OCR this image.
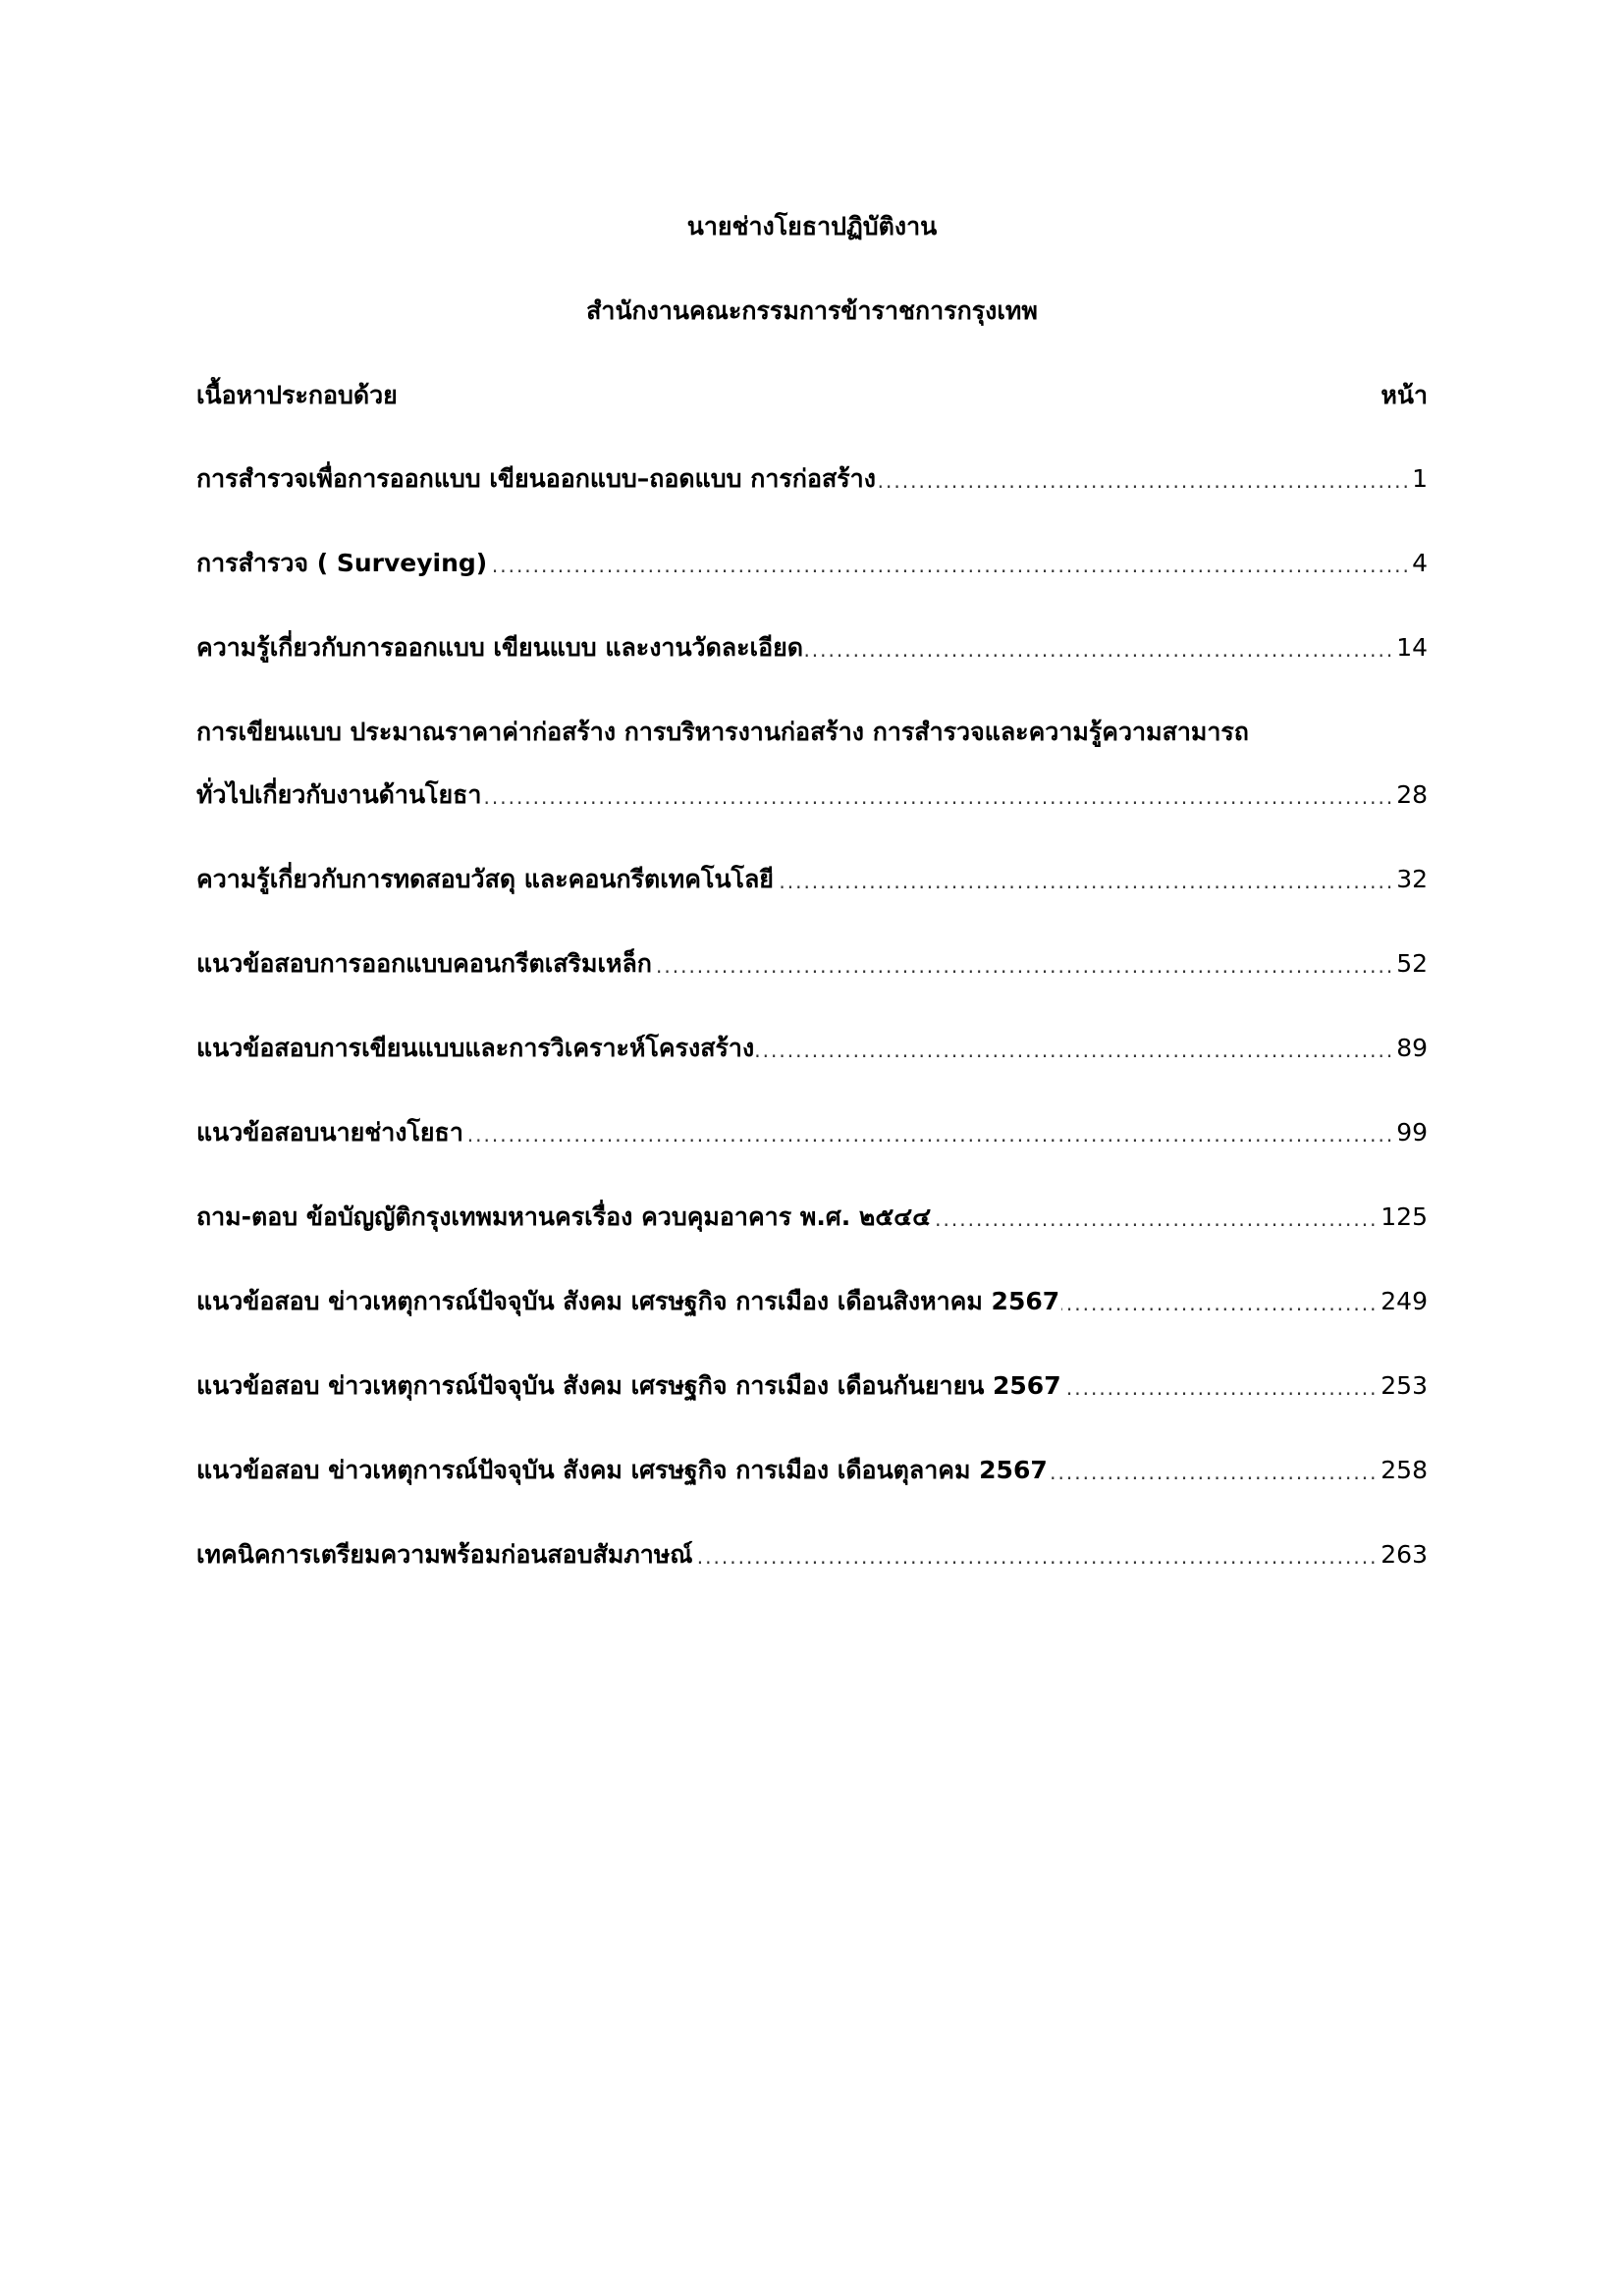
นายช่างโยธาปฏิบัติงาน
สำนักงานคณะกรรมการข้าราชการกรุงเทพ
เนื้อหาประกอบด้วย	หน้า
.....
การสำรวจเพื่อการออกแบบ เขียนออกแบบ–ถอดแบบ การก่อสร้าง	1
.....
การสำรวจ ( Surveying)	4
.....
ความรู้เกี่ยวกับการออกแบบ เขียนแบบ และงานวัดละเอียด	14
การเขียนแบบ ประมาณราคาค่าก่อสร้าง การบริหารงานก่อสร้าง การสำรวจและความรู้ความสามารถ
.....
ทั่วไปเกี่ยวกับงานด้านโยธา	28
.....
ความรู้เกี่ยวกับการทดสอบวัสดุ และคอนกรีตเทคโนโลยี	32
.....
แนวข้อสอบการออกแบบคอนกรีตเสริมเหล็ก	52
.....
แนวข้อสอบการเขียนแบบและการวิเคราะห์โครงสร้าง	89
.....
แนวข้อสอบนายช่างโยธา	99
.....
ถาม-ตอบ ข้อบัญญัติกรุงเทพมหานครเรื่อง ควบคุมอาคาร พ.ศ. ๒๕๔๔	125
.....
แนวข้อสอบ ข่าวเหตุการณ์ปัจจุบัน สังคม เศรษฐกิจ การเมือง เดือนสิงหาคม 2567	249
.....
แนวข้อสอบ ข่าวเหตุการณ์ปัจจุบัน สังคม เศรษฐกิจ การเมือง เดือนกันยายน 2567	253
.....
แนวข้อสอบ ข่าวเหตุการณ์ปัจจุบัน สังคม เศรษฐกิจ การเมือง เดือนตุลาคม 2567	258
.....
เทคนิคการเตรียมความพร้อมก่อนสอบสัมภาษณ์	263
